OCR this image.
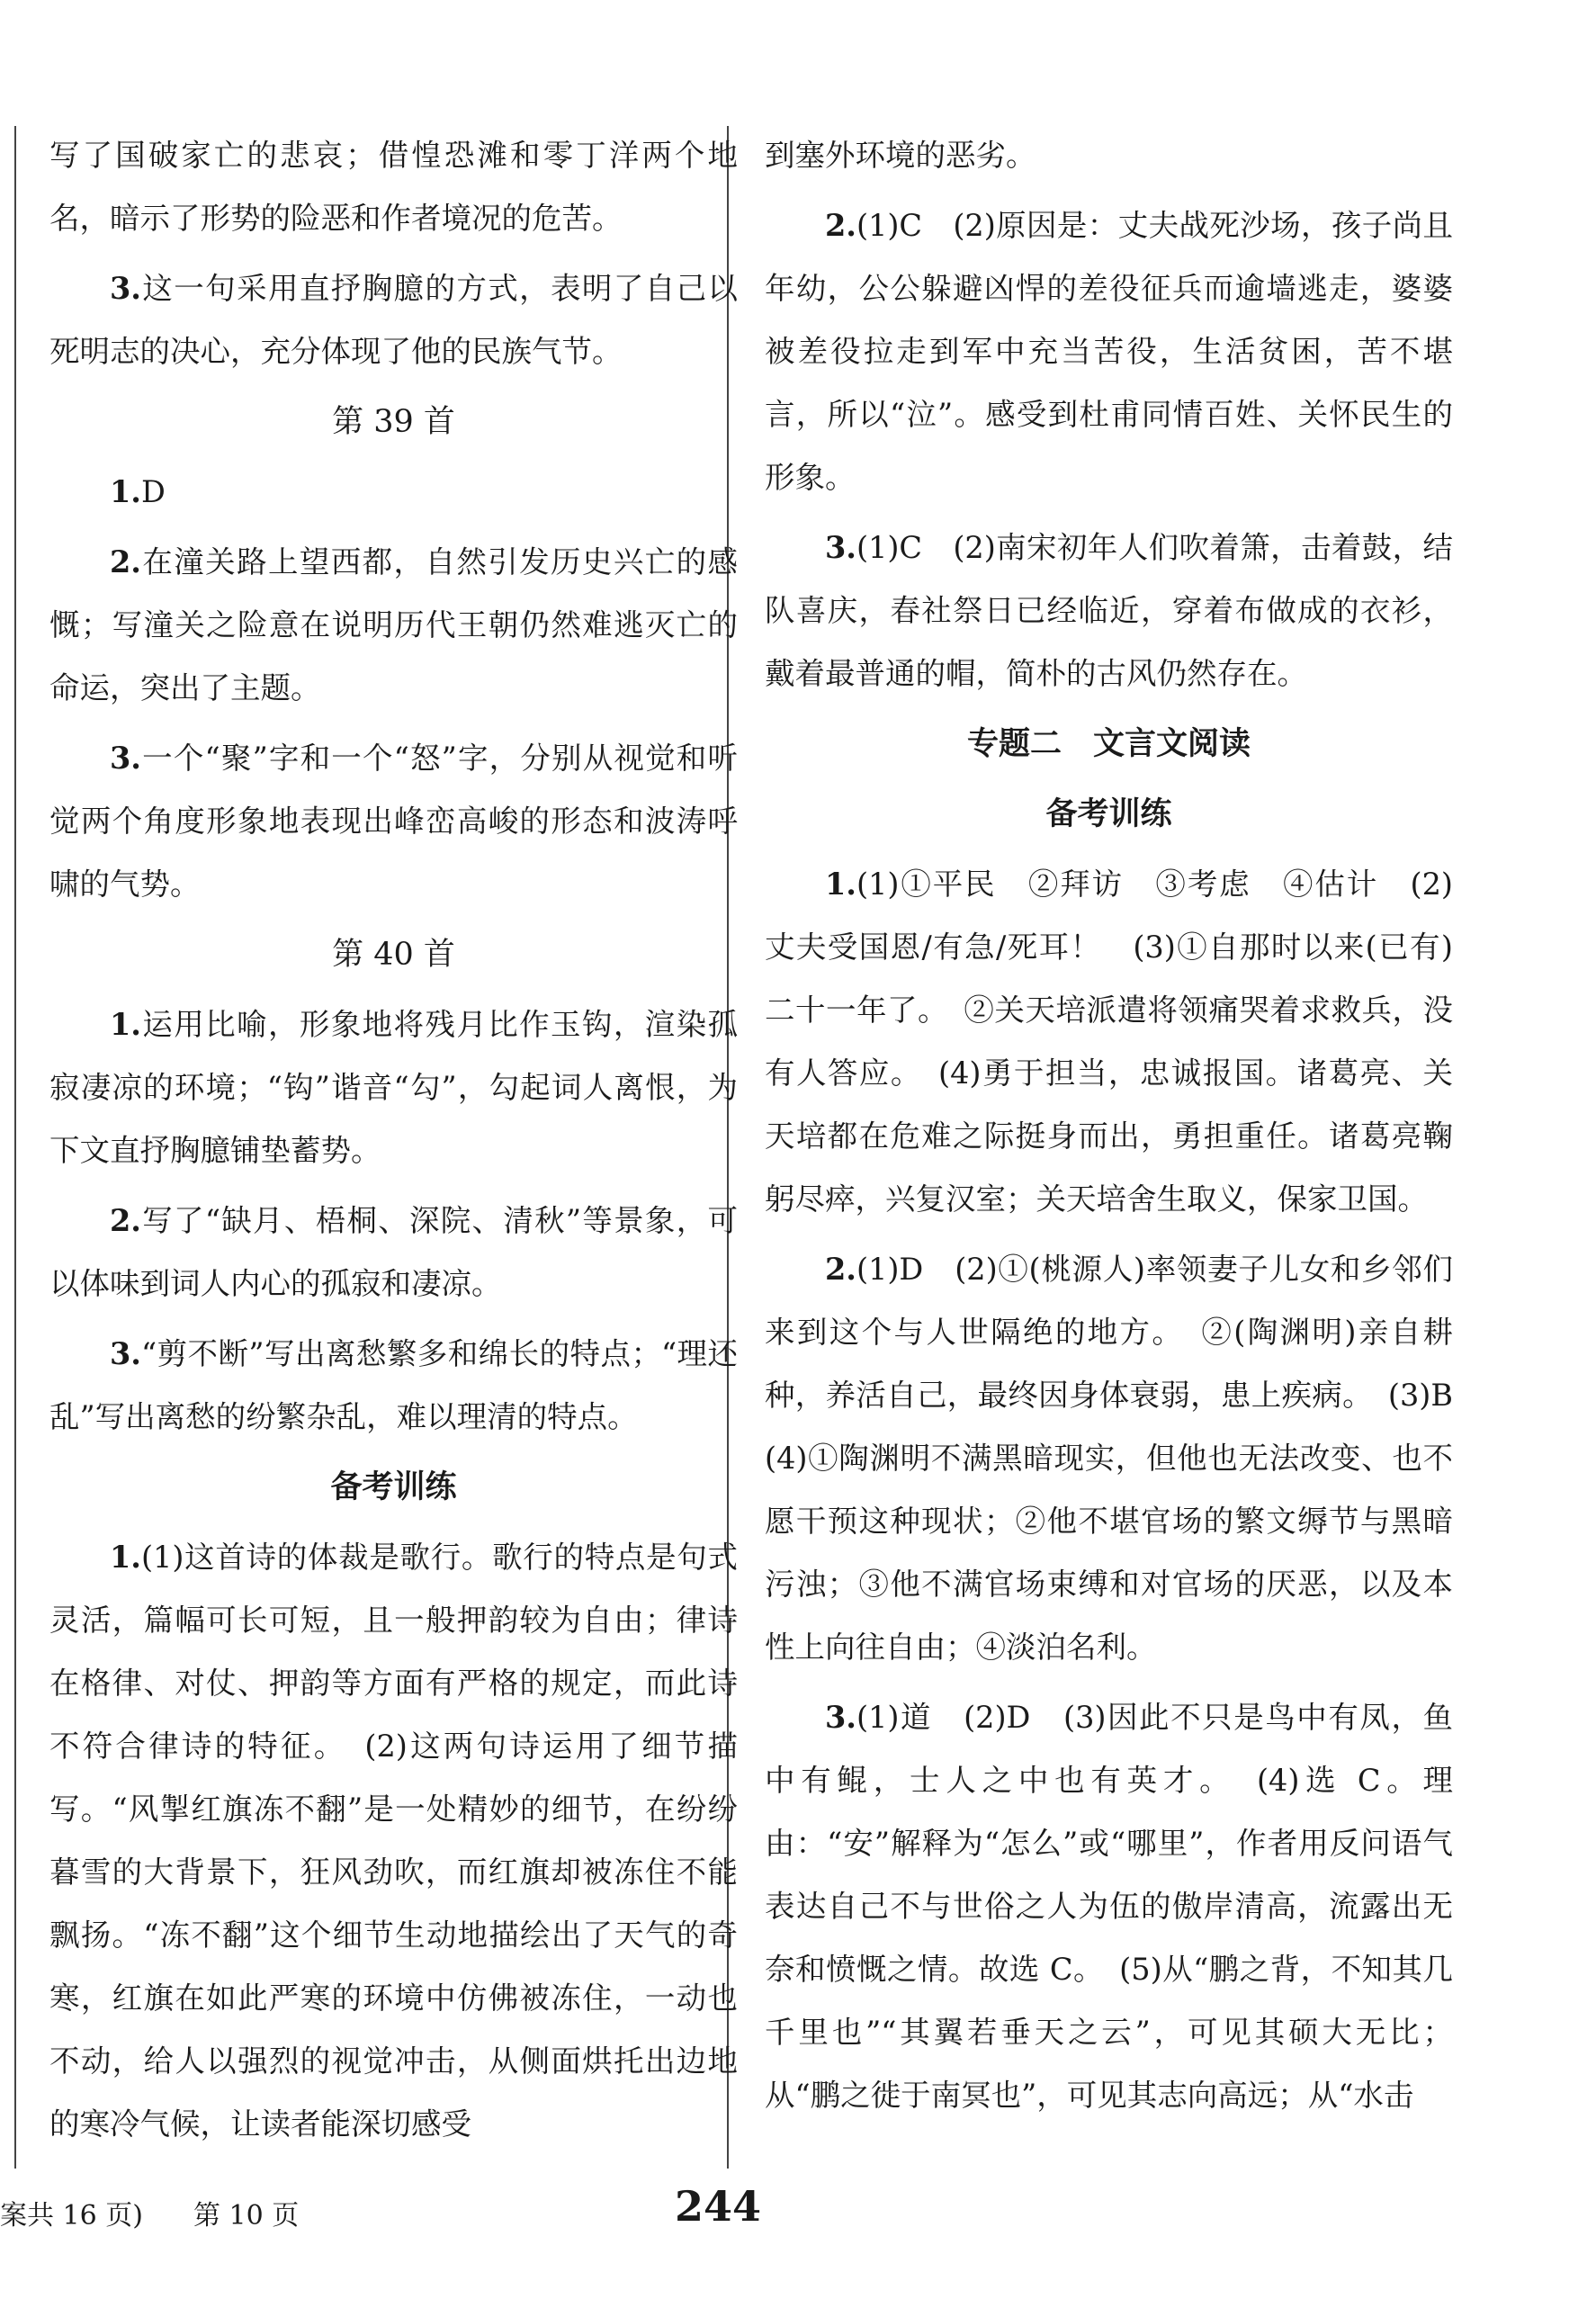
写了国破家亡的悲哀；借惶恐滩和零丁洋两个地名，暗示了形势的险恶和作者境况的危苦。

3.这一句采用直抒胸臆的方式，表明了自己以死明志的决心，充分体现了他的民族气节。

第 39 首

1.D

2.在潼关路上望西都，自然引发历史兴亡的感慨；写潼关之险意在说明历代王朝仍然难逃灭亡的命运，突出了主题。

3.一个“聚”字和一个“怒”字，分别从视觉和听觉两个角度形象地表现出峰峦高峻的形态和波涛呼啸的气势。

第 40 首

1.运用比喻，形象地将残月比作玉钩，渲染孤寂凄凉的环境；“钩”谐音“勾”，勾起词人离恨，为下文直抒胸臆铺垫蓄势。

2.写了“缺月、梧桐、深院、清秋”等景象，可以体味到词人内心的孤寂和凄凉。

3.“剪不断”写出离愁繁多和绵长的特点；“理还乱”写出离愁的纷繁杂乱，难以理清的特点。

备考训练

1.(1)这首诗的体裁是歌行。歌行的特点是句式灵活，篇幅可长可短，且一般押韵较为自由；律诗在格律、对仗、押韵等方面有严格的规定，而此诗不符合律诗的特征。　(2)这两句诗运用了细节描写。“风掣红旗冻不翻”是一处精妙的细节，在纷纷暮雪的大背景下，狂风劲吹，而红旗却被冻住不能飘扬。“冻不翻”这个细节生动地描绘出了天气的奇寒，红旗在如此严寒的环境中仿佛被冻住，一动也不动，给人以强烈的视觉冲击，从侧面烘托出边地的寒冷气候，让读者能深切感受

到塞外环境的恶劣。

2.(1)C　(2)原因是：丈夫战死沙场，孩子尚且年幼，公公躲避凶悍的差役征兵而逾墙逃走，婆婆被差役拉走到军中充当苦役，生活贫困，苦不堪言，所以“泣”。感受到杜甫同情百姓、关怀民生的形象。

3.(1)C　(2)南宋初年人们吹着箫，击着鼓，结队喜庆，春社祭日已经临近，穿着布做成的衣衫，戴着最普通的帽，简朴的古风仍然存在。

专题二　文言文阅读
备考训练

1.(1)①平民　②拜访　③考虑　④估计　(2)丈夫受国恩/有急/死耳！　(3)①自那时以来(已有)二十一年了。　②关天培派遣将领痛哭着求救兵，没有人答应。　(4)勇于担当，忠诚报国。诸葛亮、关天培都在危难之际挺身而出，勇担重任。诸葛亮鞠躬尽瘁，兴复汉室；关天培舍生取义，保家卫国。

2.(1)D　(2)①(桃源人)率领妻子儿女和乡邻们来到这个与人世隔绝的地方。　②(陶渊明)亲自耕种，养活自己，最终因身体衰弱，患上疾病。　(3)B　(4)①陶渊明不满黑暗现实，但他也无法改变、也不愿干预这种现状；②他不堪官场的繁文缛节与黑暗污浊；③他不满官场束缚和对官场的厌恶，以及本性上向往自由；④淡泊名利。

3.(1)道　(2)D　(3)因此不只是鸟中有凤，鱼中有鲲，士人之中也有英才。　(4)选 C。理由：“安”解释为“怎么”或“哪里”，作者用反问语气表达自己不与世俗之人为伍的傲岸清高，流露出无奈和愤慨之情。故选 C。　(5)从“鹏之背，不知其几千里也”“其翼若垂天之云”，可见其硕大无比；从“鹏之徙于南冥也”，可见其志向高远；从“水击

案共 16 页) 第 10 页	244
